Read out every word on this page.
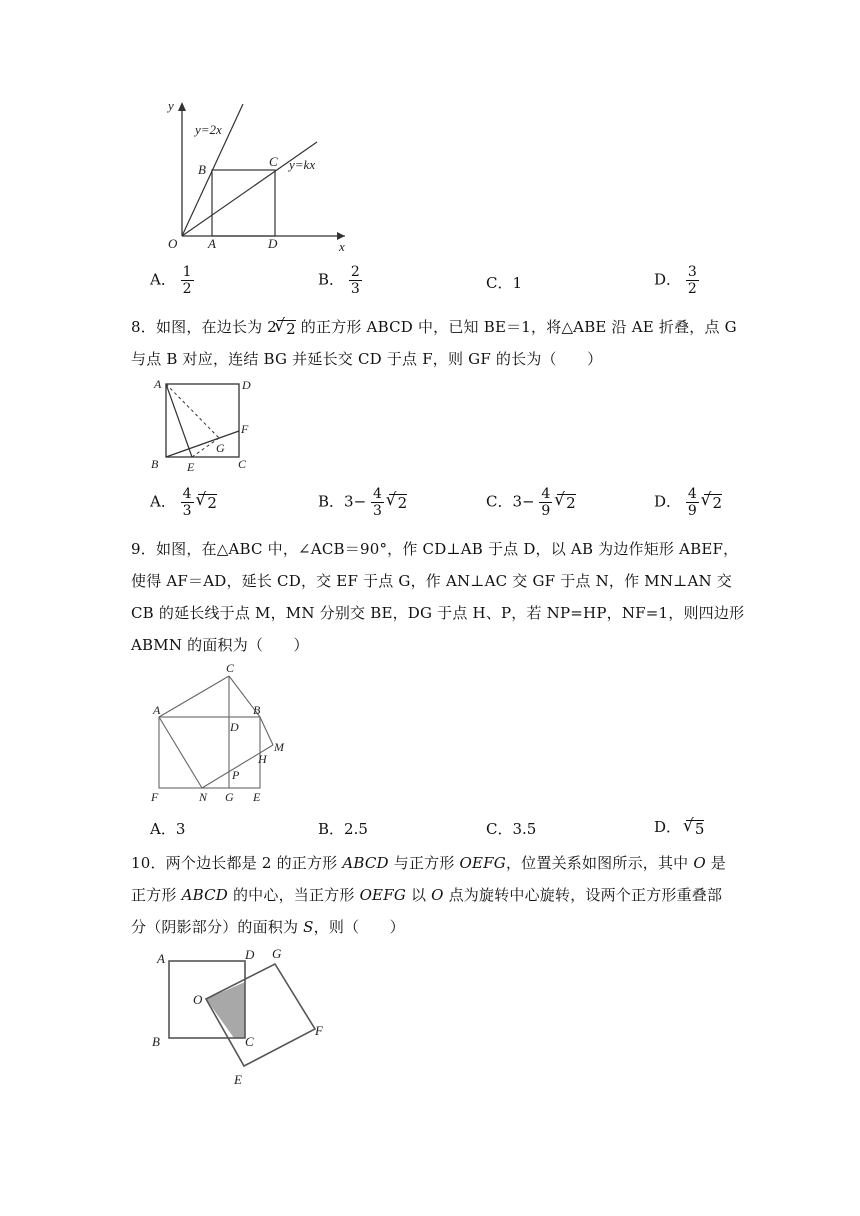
y
x
O A	D
B
C
y=2x
y=kx
A． $\frac{1}{2}$	B． $\frac{2}{3}$	C．1	D． $\frac{3}{2}$
8．如图，在边长为 2 √ 2 的正方形 ABCD 中，已知 BE＝1，将△ABE 沿 AE 折叠，点 G
与点 B 对应，连结 BG 并延长交 CD 于点 F，则 GF 的长为（　　）
A	D
B E	C
F
G
A． $\frac{4}{3}$ √ 2	B．$3- \frac{4}{3}$ √ 2	C．$3- \frac{4}{9}$ √ 2	D． $\frac{4}{9}$ √ 2
9．如图，在△ABC 中，∠ACB＝90°，作 CD⊥AB 于点 D，以 AB 为边作矩形 ABEF，
使得 AF＝AD，延长 CD，交 EF 于点 G，作 AN⊥AC 交 GF 于点 N，作 MN⊥AN 交
CB 的延长线于点 M，MN 分别交 BE，DG 于点 H、P，若 NP=HP，NF=1，则四边形
ABMN 的面积为（　　）
C
A	B
D
M
H
P
F	N G E
A．3	B．2.5	C．3.5	D． √ 5
10．两个边长都是 2 的正方形 ABCD 与正方形 OEFG，位置关系如图所示，其中 O 是
正方形 ABCD 的中心，当正方形 OEFG 以 O 点为旋转中心旋转，设两个正方形重叠部
分（阴影部分）的面积为 S，则（　　）
A	D G
O
B	C
F
E
